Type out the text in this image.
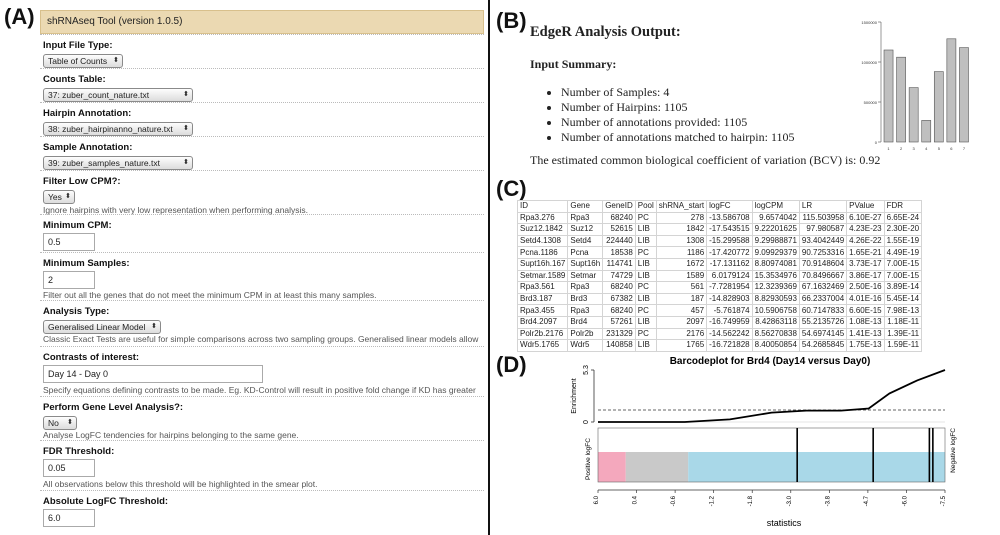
(A)	(B)
(C)
(D)
shRNAseq Tool (version 1.0.5)
Input File Type:
Table of Counts ⬍
Counts Table:
37: zuber_count_nature.txt	⬍
Hairpin Annotation:
38: zuber_hairpinanno_nature.txt ⬍
Sample Annotation:
39: zuber_samples_nature.txt	⬍
Filter Low CPM?:
Yes ⬍
Ignore hairpins with very low representation when performing analysis.
Minimum CPM:
0.5
Minimum Samples:
2
Filter out all the genes that do not meet the minimum CPM in at least this many samples.
Analysis Type:
Generalised Linear Model ⬍
Classic Exact Tests are useful for simple comparisons across two sampling groups. Generalised linear models allow
Contrasts of interest:
Day 14 - Day 0
Specify equations defining contrasts to be made. Eg. KD-Control will result in positive fold change if KD has greater
Perform Gene Level Analysis?:
No ⬍
Analyse LogFC tendencies for hairpins belonging to the same gene.
FDR Threshold:
0.05
All observations below this threshold will be highlighted in the smear plot.
Absolute LogFC Threshold:
6.0
EdgeR Analysis Output:
Input Summary:
• Number of Samples: 4
• Number of Hairpins: 1105
• Number of annotations provided: 1105
• Number of annotations matched to hairpin: 1105
The estimated common biological coefficient of variation (BCV) is: 0.92
1500000
1000000
500000
0
1	2	3	4	5	6	7
ID	Gene	GeneID	Pool	shRNA_start	logFC	logCPM	LR	PValue	FDR
Rpa3.276	Rpa3	68240	PC	278	-13.586708	9.6574042	115.503958	6.10E-27	6.65E-24
Suz12.1842	Suz12	52615	LIB	1842	-17.543515	9.22201625	97.980587	4.23E-23	2.30E-20
Setd4.1308	Setd4	224440	LIB	1308	-15.299588	9.29988871	93.4042449	4.26E-22	1.55E-19
Pcna.1186	Pcna	18538	PC	1186	-17.420772	9.09929379	90.7253316	1.65E-21	4.49E-19
Supt16h.167	Supt16h	114741	LIB	1672	-17.131162	8.80974081	70.9148604	3.73E-17	7.00E-15
Setmar.1589	Setmar	74729	LIB	1589	6.0179124	15.3534976	70.8496667	3.86E-17	7.00E-15
Rpa3.561	Rpa3	68240	PC	561	-7.7281954	12.3239369	67.1632469	2.50E-16	3.89E-14
Brd3.187	Brd3	67382	LIB	187	-14.828903	8.82930593	66.2337004	4.01E-16	5.45E-14
Rpa3.455	Rpa3	68240	PC	457	-5.761874	10.5906758	60.7147833	6.60E-15	7.98E-13
Brd4.2097	Brd4	57261	LIB	2097	-16.749959	8.42863118	55.2135726	1.08E-13	1.18E-11
Polr2b.2176	Polr2b	231329	PC	2176	-14.562242	8.56270838	54.6974145	1.41E-13	1.39E-11
Wdr5.1765	Wdr5	140858	LIB	1765	-16.721828	8.40050854	54.2685845	1.75E-13	1.59E-11
Barcodeplot for Brd4 (Day14 versus Day0)
0
5.3
Enrichment
Positive logFC	Negative logFC
6.0	0.4	-0.6	-1.2	-1.8	-3.0	-3.8	-4.7	-6.0	-7.5
statistics
